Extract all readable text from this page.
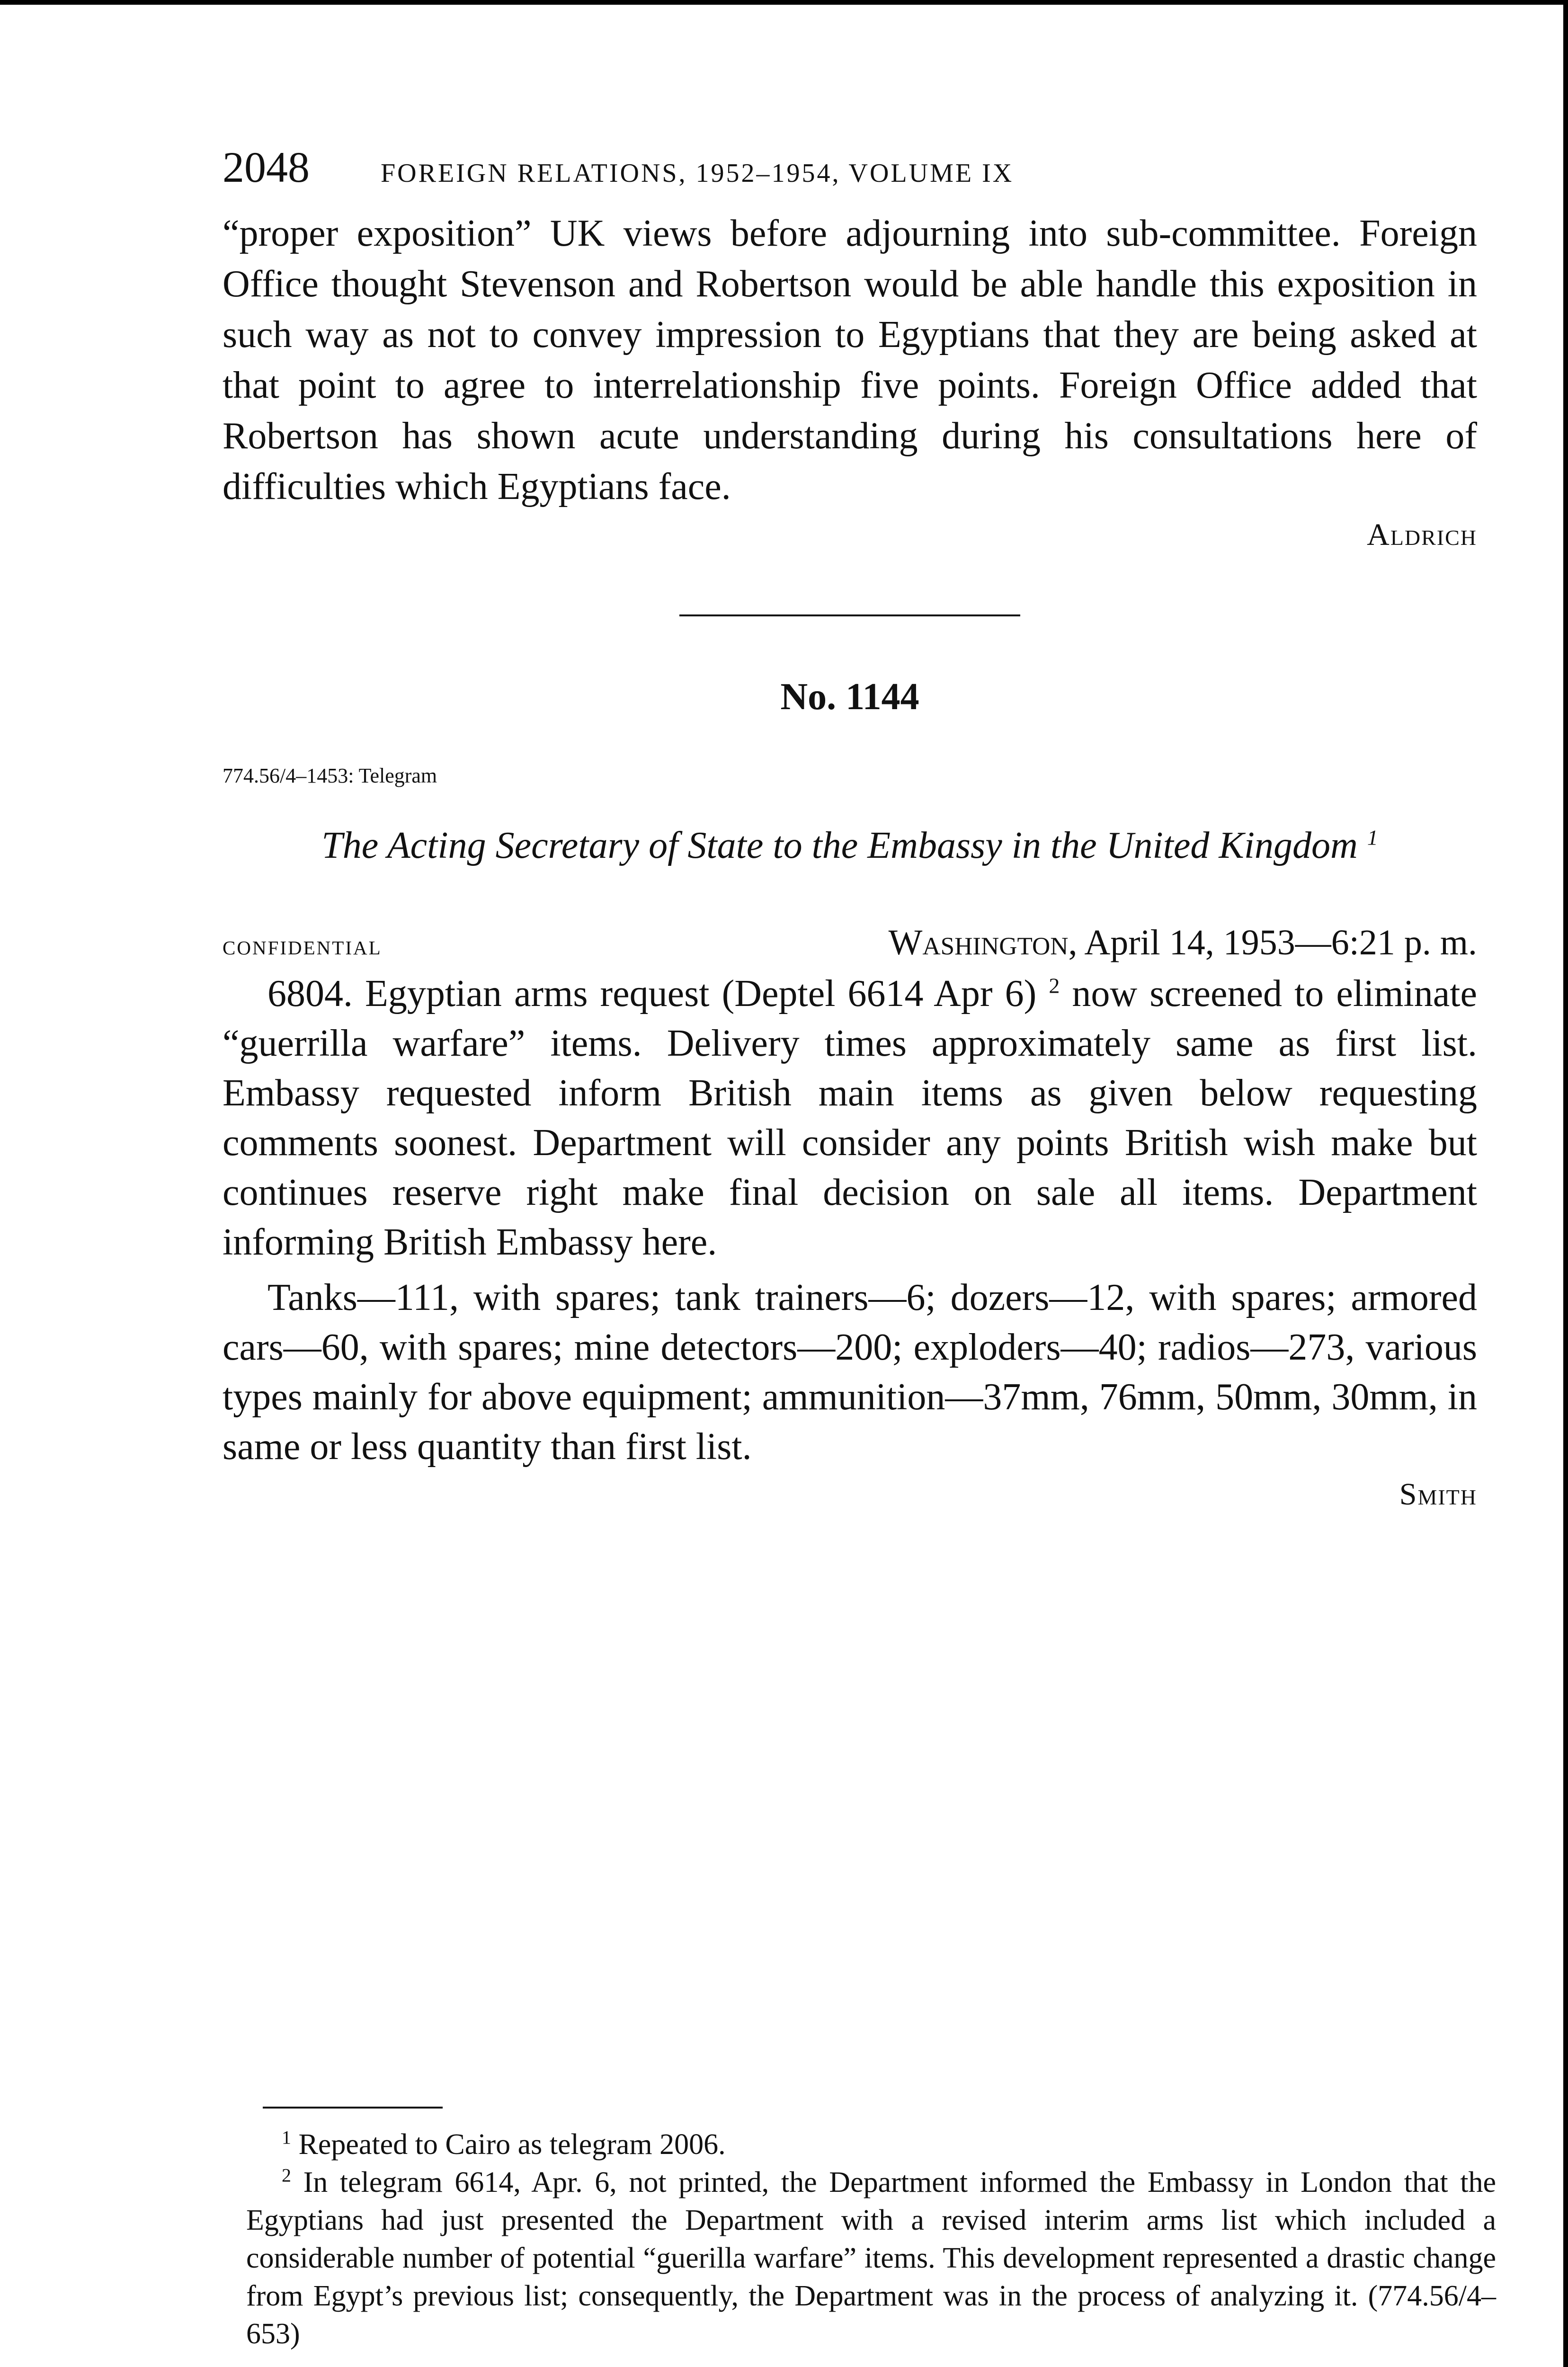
2048	FOREIGN RELATIONS, 1952–1954, VOLUME IX

“proper exposition” UK views before adjourning into sub-committee. Foreign Office thought Stevenson and Robertson would be able handle this exposition in such way as not to convey impression to Egyptians that they are being asked at that point to agree to interrelationship five points. Foreign Office added that Robertson has shown acute understanding during his consultations here of difficulties which Egyptians face.

Aldrich
No. 1144
774.56/4–1453: Telegram
The Acting Secretary of State to the Embassy in the United Kingdom $^1$
confidential	Washington, April 14, 1953—6:21 p. m.

6804. Egyptian arms request (Deptel 6614 Apr 6) $^2$ now screened to eliminate “guerrilla warfare” items. Delivery times approximately same as first list. Embassy requested inform British main items as given below requesting comments soonest. Department will consider any points British wish make but continues reserve right make final decision on sale all items. Department informing British Embassy here.

Tanks—111, with spares; tank trainers—6; dozers—12, with spares; armored cars—60, with spares; mine detectors—200; exploders—40; radios—273, various types mainly for above equipment; ammunition—37mm, 76mm, 50mm, 30mm, in same or less quantity than first list.

Smith

$^1$ Repeated to Cairo as telegram 2006.

$^2$ In telegram 6614, Apr. 6, not printed, the Department informed the Embassy in London that the Egyptians had just presented the Department with a revised interim arms list which included a considerable number of potential “guerilla warfare” items. This development represented a drastic change from Egypt’s previous list; consequently, the Department was in the process of analyzing it. (774.56/4–653)
